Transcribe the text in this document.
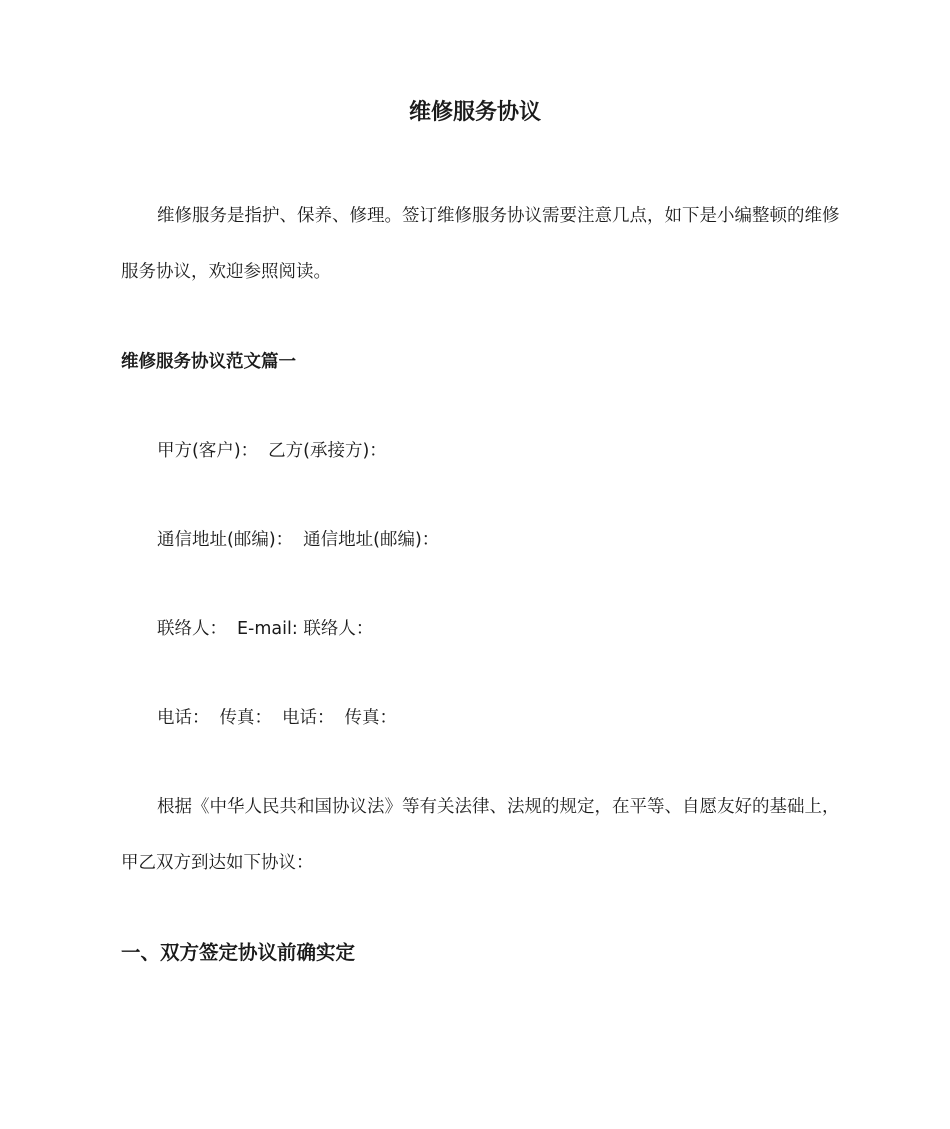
维修服务协议

维修服务是指护、保养、修理。签订维修服务协议需要注意几点，如下是小编整顿的维修服务协议，欢迎参照阅读。

维修服务协议范文篇一
甲方(客户)： 乙方(承接方)：
通信地址(邮编)： 通信地址(邮编)：
联络人： E-mail: 联络人：
电话： 传真： 电话： 传真：

根据《中华人民共和国协议法》等有关法律、法规的规定，在平等、自愿友好的基础上，甲乙双方到达如下协议：

一、双方签定协议前确实定
